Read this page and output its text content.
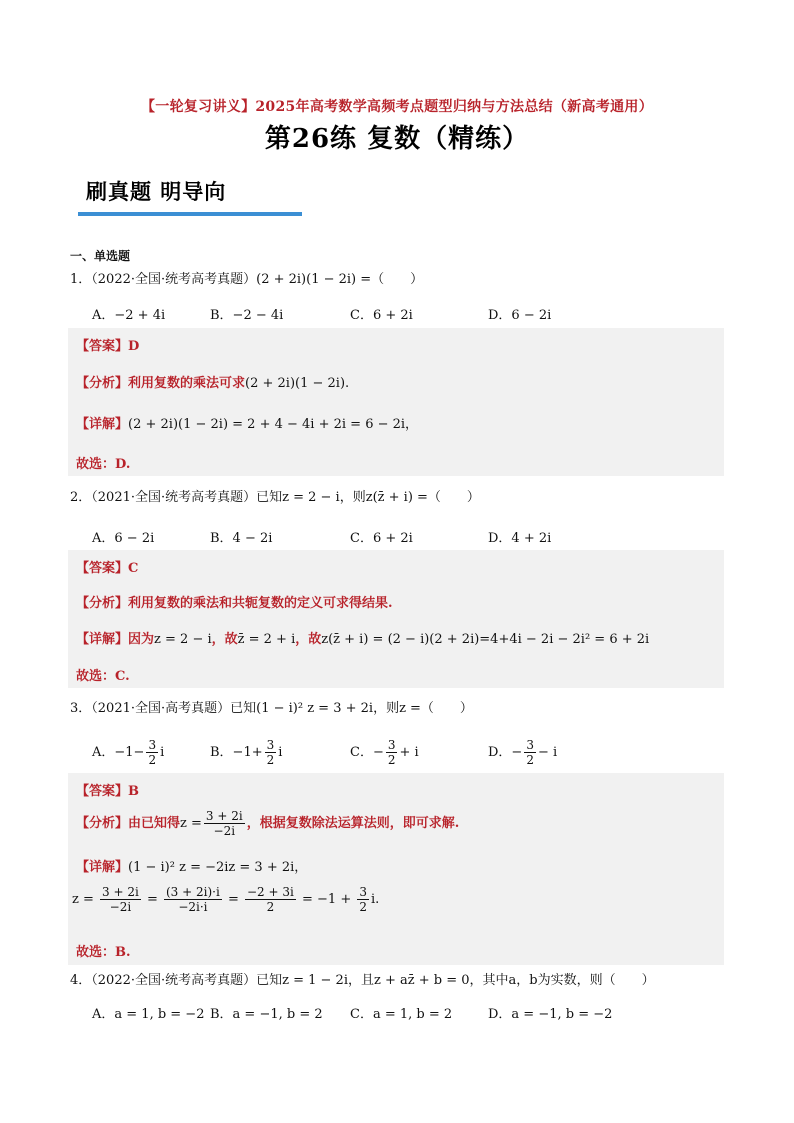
【一轮复习讲义】2025年高考数学高频考点题型归纳与方法总结（新高考通用）
第26练 复数（精练）
刷真题 明导向
一、单选题
1．（2022·全国·统考高考真题）(2 + 2i)(1 − 2i) =（　　）
A．−2 + 4i	B．−2 − 4i	C．6 + 2i	D．6 − 2i
【答案】D
【分析】利用复数的乘法可求(2 + 2i)(1 − 2i).
【详解】(2 + 2i)(1 − 2i) = 2 + 4 − 4i + 2i = 6 − 2i，
故选：D.
2．（2021·全国·统考高考真题）已知z = 2 − i，则z(z̄ + i) =（　　）
A．6 − 2i	B．4 − 2i	C．6 + 2i	D．4 + 2i
【答案】C
【分析】利用复数的乘法和共轭复数的定义可求得结果.
【详解】因为z = 2 − i，故z̄ = 2 + i，故z(z̄ + i) = (2 − i)(2 + 2i)=4+4i − 2i − 2i² = 6 + 2i
故选：C.
3．（2021·全国·高考真题）已知(1 − i)² z = 3 + 2i，则z =（　　）
A．$-1- \frac{3}{2}$ i	B．$-1+ \frac{3}{2}$ i	C．− $\frac{3}{2} + i$	D．− $\frac{3}{2} - i$
【答案】B
【分析】由已知得$z = \frac{3 + 2i}{-2i}$ ，根据复数除法运算法则，即可求解.
【详解】(1 − i)² z = −2iz = 3 + 2i，
$z = \frac{3 + 2i}{-2i} = \frac{(3 + 2i)\cdot i}{-2i\cdot i} = \frac{-2 + 3i}{2} = -1 + \frac{3}{2} i$.
故选：B.
4．（2022·全国·统考高考真题）已知z = 1 − 2i，且z + az̄ + b = 0，其中a，b为实数，则（　　）
A．a = 1, b = −2 B．a = −1, b = 2 C．a = 1, b = 2	D．a = −1, b = −2
